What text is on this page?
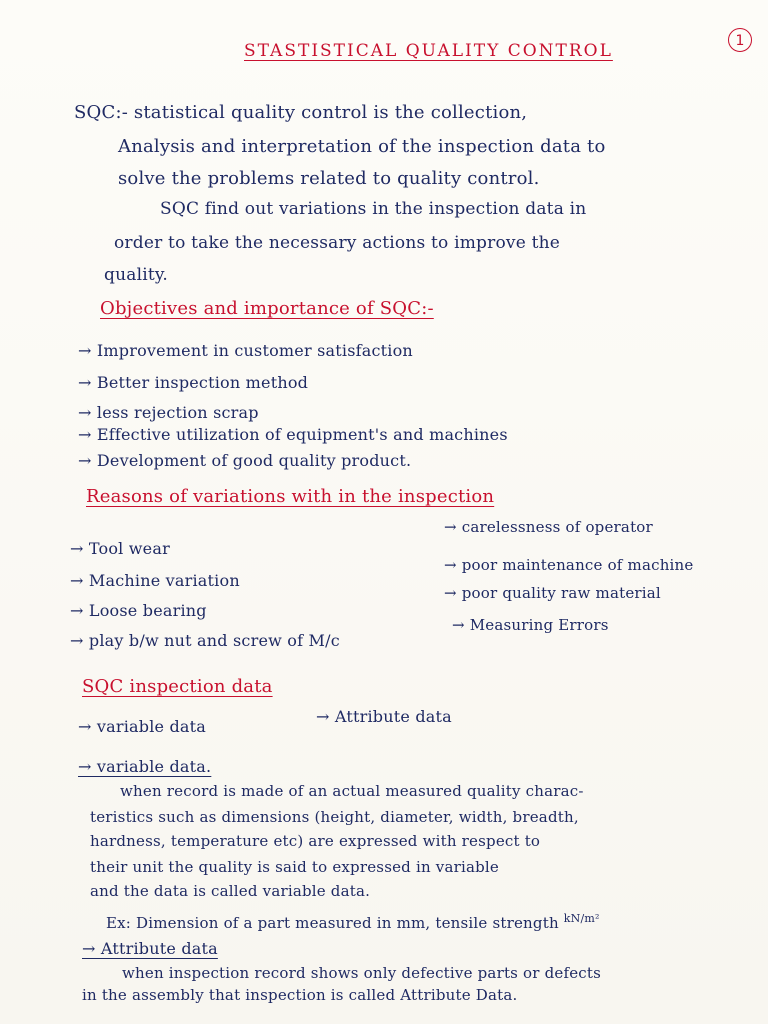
1
STASTISTICAL QUALITY CONTROL
SQC:- statistical quality control is the collection,
Analysis and interpretation of the inspection data to
solve the problems related to quality control.
SQC find out variations in the inspection data in
order to take the necessary actions to improve the
quality.
Objectives and importance of SQC:-
→ Improvement in customer satisfaction
→ Better inspection method
→ less rejection scrap
→ Effective utilization of equipment's and machines
→ Development of good quality product.
Reasons of variations with in the inspection
→ Tool wear
→ Machine variation
→ Loose bearing
→ play b/w nut and screw of M/c
→ carelessness of operator
→ poor maintenance of machine
→ poor quality raw material
→ Measuring Errors
SQC inspection data
→ variable data
→ Attribute data
→ variable data.
when record is made of an actual measured quality charac-
teristics such as dimensions (height, diameter, width, breadth,
hardness, temperature etc) are expressed with respect to
their unit the quality is said to expressed in variable
and the data is called variable data.
Ex: Dimension of a part measured in mm, tensile strength $^{kN/m^2}$
→ Attribute data
when inspection record shows only defective parts or defects
in the assembly that inspection is called Attribute Data.
